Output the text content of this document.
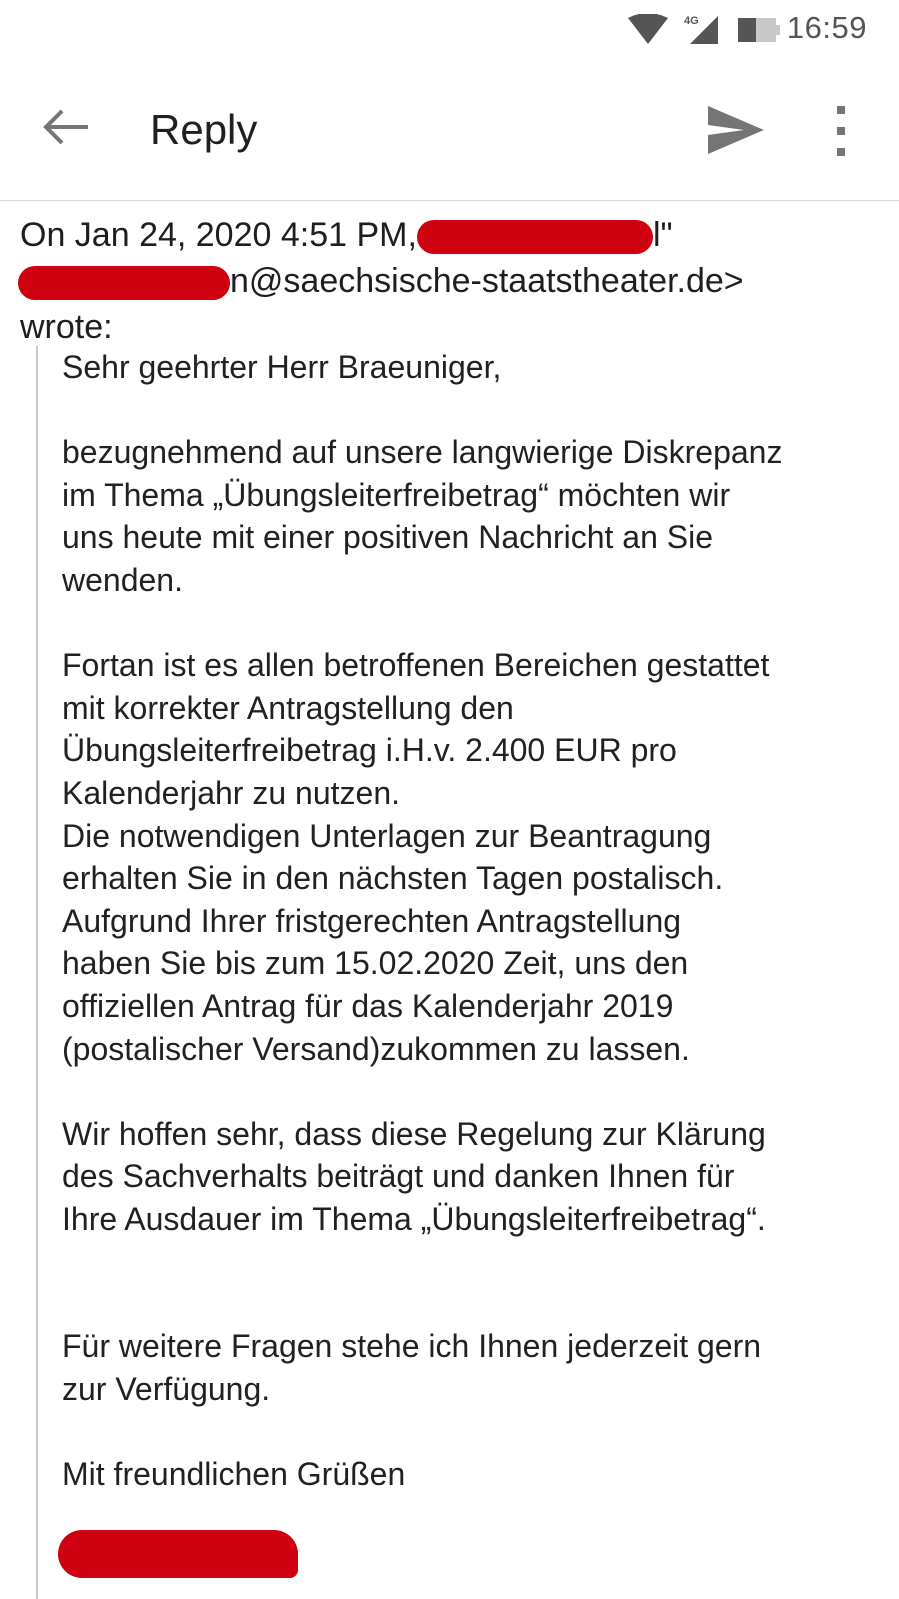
4G	16:59
Reply
On Jan 24, 2020 4:51 PM,	l"
n@saechsische-staatstheater.de>
wrote:

Sehr geehrter Herr Braeuniger,

bezugnehmend auf unsere langwierige Diskrepanz

im Thema „Übungsleiterfreibetrag“ möchten wir

uns heute mit einer positiven Nachricht an Sie

wenden.

Fortan ist es allen betroffenen Bereichen gestattet

mit korrekter Antragstellung den

Übungsleiterfreibetrag i.H.v. 2.400 EUR pro

Kalenderjahr zu nutzen.

Die notwendigen Unterlagen zur Beantragung

erhalten Sie in den nächsten Tagen postalisch.

Aufgrund Ihrer fristgerechten Antragstellung

haben Sie bis zum 15.02.2020 Zeit, uns den

offiziellen Antrag für das Kalenderjahr 2019

(postalischer Versand)zukommen zu lassen.

Wir hoffen sehr, dass diese Regelung zur Klärung

des Sachverhalts beiträgt und danken Ihnen für

Ihre Ausdauer im Thema „Übungsleiterfreibetrag“.

Für weitere Fragen stehe ich Ihnen jederzeit gern

zur Verfügung.

Mit freundlichen Grüßen
